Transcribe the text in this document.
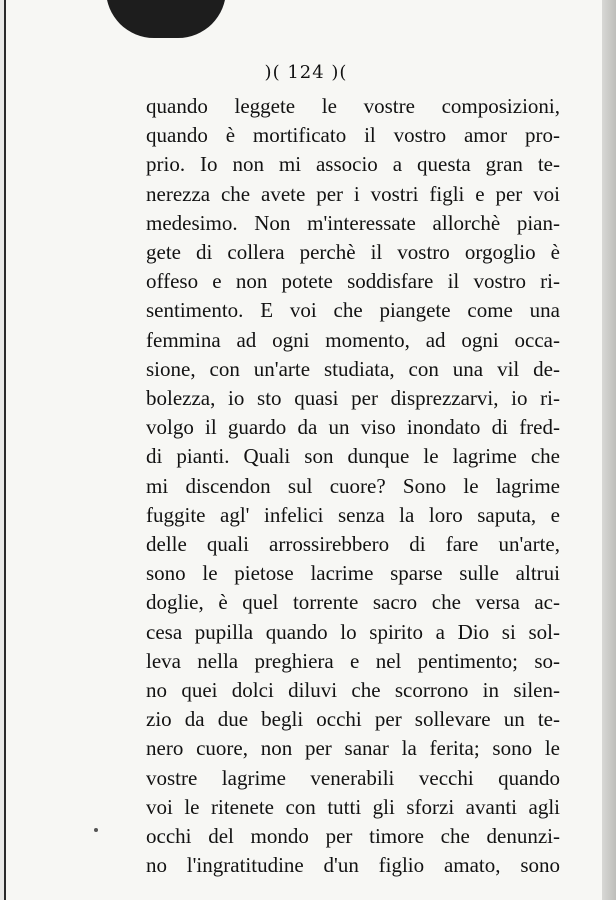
)( 124 )(
quando leggete le vostre composizioni,
quando è mortificato il vostro amor pro-
prio. Io non mi associo a questa gran te-
nerezza che avete per i vostri figli e per voi
medesimo. Non m'interessate allorchè pian-
gete di collera perchè il vostro orgoglio è
offeso e non potete soddisfare il vostro ri-
sentimento. E voi che piangete come una
femmina ad ogni momento, ad ogni occa-
sione, con un'arte studiata, con una vil de-
bolezza, io sto quasi per disprezzarvi, io ri-
volgo il guardo da un viso inondato di fred-
di pianti. Quali son dunque le lagrime che
mi discendon sul cuore? Sono le lagrime
fuggite agl' infelici senza la loro saputa, e
delle quali arrossirebbero di fare un'arte,
sono le pietose lacrime sparse sulle altrui
doglie, è quel torrente sacro che versa ac-
cesa pupilla quando lo spirito a Dio si sol-
leva nella preghiera e nel pentimento; so-
no quei dolci diluvi che scorrono in silen-
zio da due begli occhi per sollevare un te-
nero cuore, non per sanar la ferita; sono le
vostre lagrime venerabili vecchi quando
voi le ritenete con tutti gli sforzi avanti agli
occhi del mondo per timore che denunzi-
no l'ingratitudine d'un figlio amato, sono
